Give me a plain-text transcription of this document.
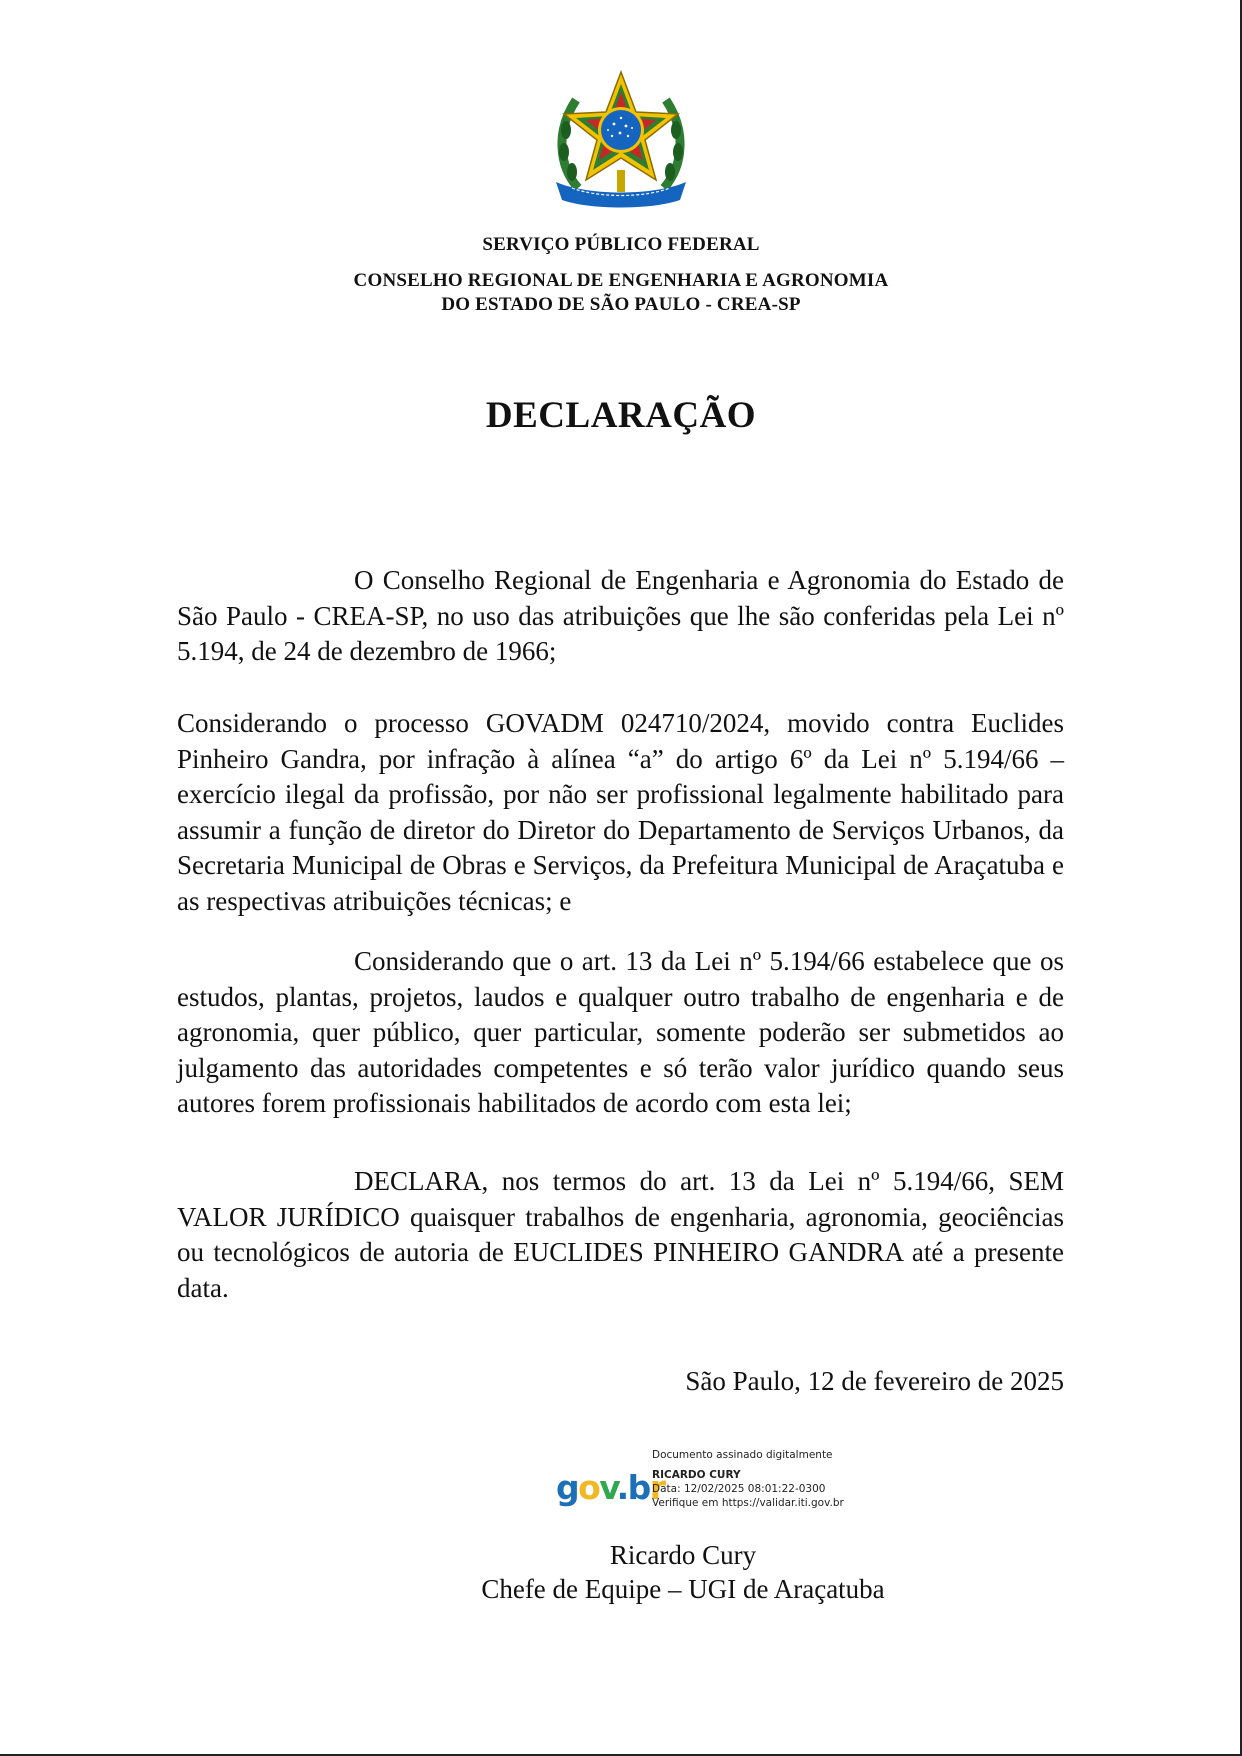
SERVIÇO PÚBLICO FEDERAL
CONSELHO REGIONAL DE ENGENHARIA E AGRONOMIA
DO ESTADO DE SÃO PAULO - CREA-SP
DECLARAÇÃO
O Conselho Regional de Engenharia e Agronomia do Estado de São Paulo - CREA-SP, no uso das atribuições que lhe são conferidas pela Lei nº 5.194, de 24 de dezembro de 1966;
Considerando o processo GOVADM 024710/2024, movido contra Euclides Pinheiro Gandra, por infração à alínea “a” do artigo 6º da Lei nº 5.194/66 – exercício ilegal da profissão, por não ser profissional legalmente habilitado para assumir a função de diretor do Diretor do Departamento de Serviços Urbanos, da Secretaria Municipal de Obras e Serviços, da Prefeitura Municipal de Araçatuba e as respectivas atribuições técnicas; e
Considerando que o art. 13 da Lei nº 5.194/66 estabelece que os estudos, plantas, projetos, laudos e qualquer outro trabalho de engenharia e de agronomia, quer público, quer particular, somente poderão ser submetidos ao julgamento das autoridades competentes e só terão valor jurídico quando seus autores forem profissionais habilitados de acordo com esta lei;
DECLARA, nos termos do art. 13 da Lei nº 5.194/66, SEM VALOR JURÍDICO quaisquer trabalhos de engenharia, agronomia, geociências ou tecnológicos de autoria de EUCLIDES PINHEIRO GANDRA até a presente data.
São Paulo, 12 de fevereiro de 2025
gov.br
Documento assinado digitalmente
RICARDO CURY
Data: 12/02/2025 08:01:22-0300
Verifique em https://validar.iti.gov.br
Ricardo Cury
Chefe de Equipe – UGI de Araçatuba
